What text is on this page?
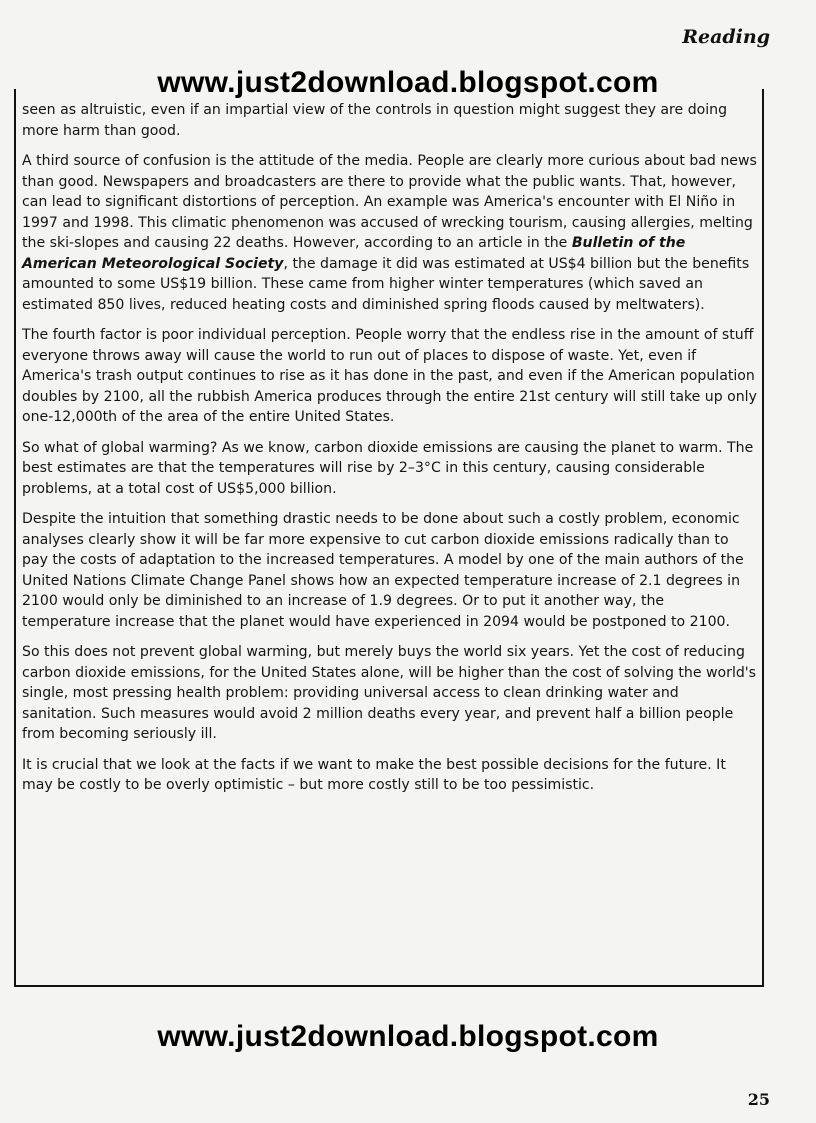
Reading
www.just2download.blogspot.com

seen as altruistic, even if an impartial view of the controls in question might suggest they are doing more harm than good.

A third source of confusion is the attitude of the media. People are clearly more curious about bad news than good. Newspapers and broadcasters are there to provide what the public wants. That, however, can lead to significant distortions of perception. An example was America's encounter with El Niño in 1997 and 1998. This climatic phenomenon was accused of wrecking tourism, causing allergies, melting the ski-slopes and causing 22 deaths. However, according to an article in the Bulletin of the American Meteorological Society, the damage it did was estimated at US$4 billion but the benefits amounted to some US$19 billion. These came from higher winter temperatures (which saved an estimated 850 lives, reduced heating costs and diminished spring floods caused by meltwaters).

The fourth factor is poor individual perception. People worry that the endless rise in the amount of stuff everyone throws away will cause the world to run out of places to dispose of waste. Yet, even if America's trash output continues to rise as it has done in the past, and even if the American population doubles by 2100, all the rubbish America produces through the entire 21st century will still take up only one-12,000th of the area of the entire United States.

So what of global warming? As we know, carbon dioxide emissions are causing the planet to warm. The best estimates are that the temperatures will rise by 2–3°C in this century, causing considerable problems, at a total cost of US$5,000 billion.

Despite the intuition that something drastic needs to be done about such a costly problem, economic analyses clearly show it will be far more expensive to cut carbon dioxide emissions radically than to pay the costs of adaptation to the increased temperatures. A model by one of the main authors of the United Nations Climate Change Panel shows how an expected temperature increase of 2.1 degrees in 2100 would only be diminished to an increase of 1.9 degrees. Or to put it another way, the temperature increase that the planet would have experienced in 2094 would be postponed to 2100.

So this does not prevent global warming, but merely buys the world six years. Yet the cost of reducing carbon dioxide emissions, for the United States alone, will be higher than the cost of solving the world's single, most pressing health problem: providing universal access to clean drinking water and sanitation. Such measures would avoid 2 million deaths every year, and prevent half a billion people from becoming seriously ill.

It is crucial that we look at the facts if we want to make the best possible decisions for the future. It may be costly to be overly optimistic – but more costly still to be too pessimistic.

www.just2download.blogspot.com
25
